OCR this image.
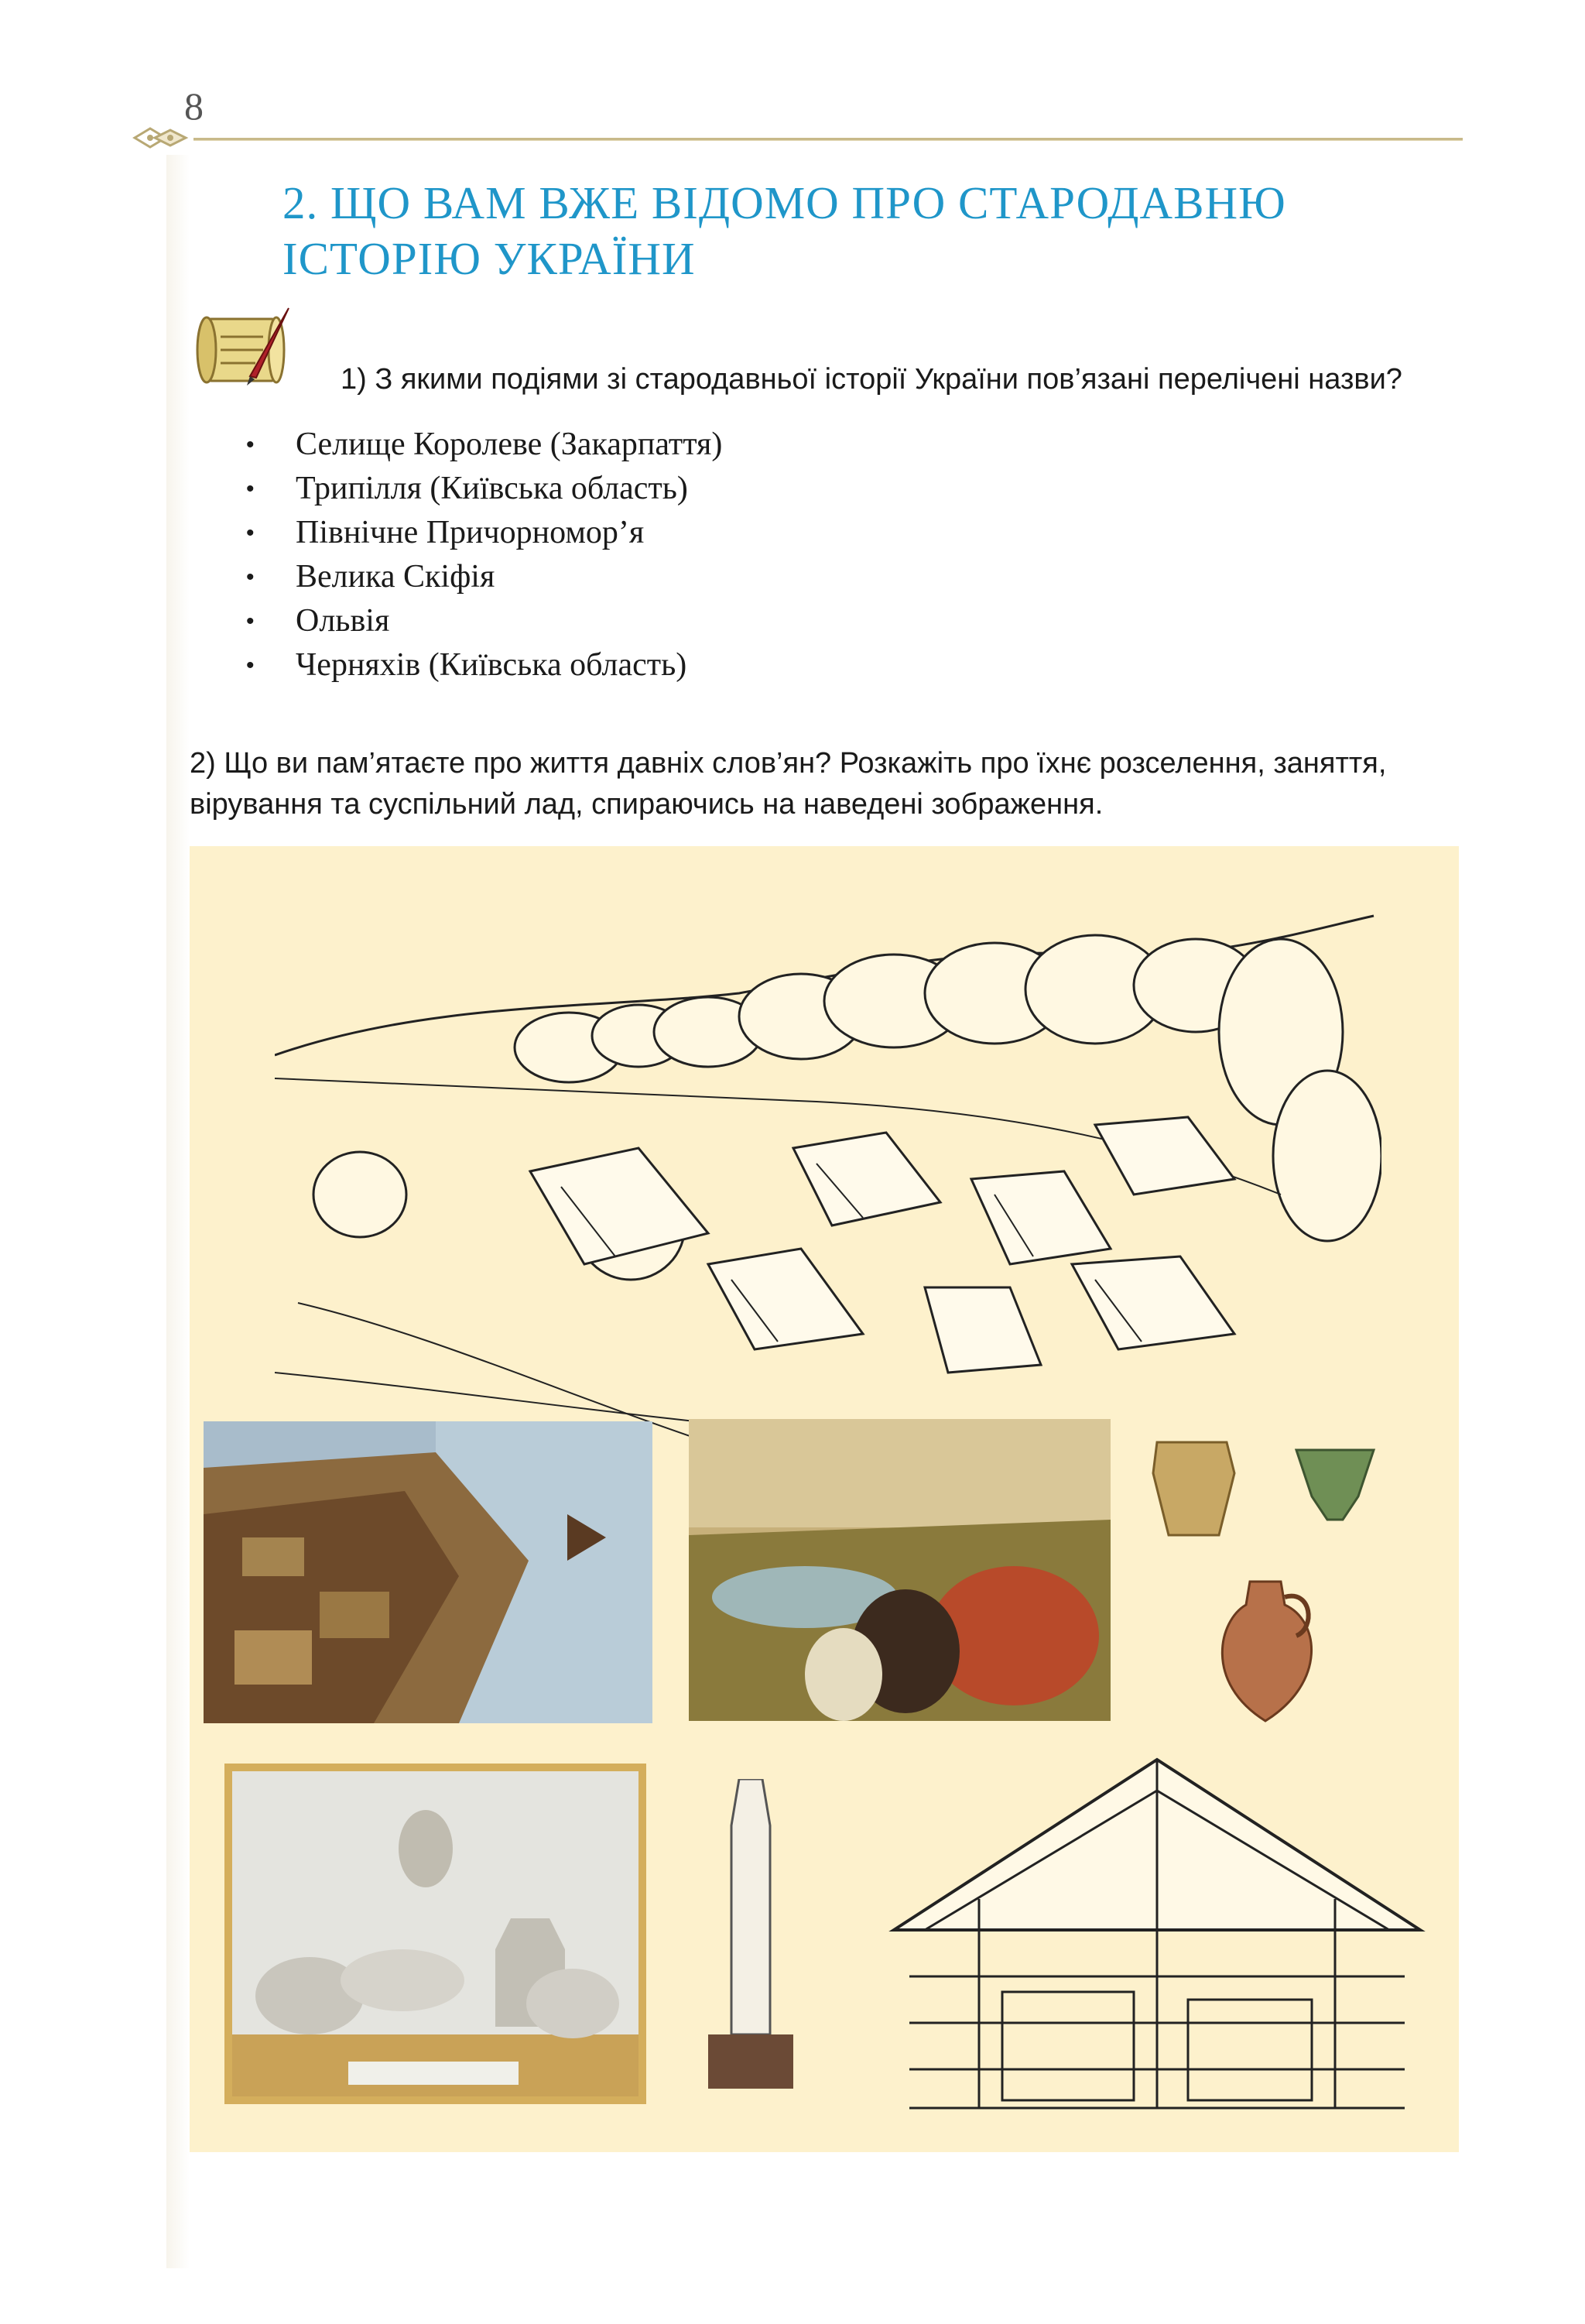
8
2. ЩО ВАМ ВЖЕ ВІДОМО ПРО СТАРОДАВНЮ
ІСТОРІЮ УКРАЇНИ

1) З якими подіями зі стародавньої історії України пов’язані перелічені назви?

• Селище Королеве (Закарпаття)
• Трипілля (Київська область)
• Північне Причорномор’я
• Велика Скіфія
• Ольвія
• Черняхів (Київська область)

2) Що ви пам’ятаєте про життя давніх слов’ян? Розкажіть про їхнє розселення, заняття, вірування та суспільний лад, спираючись на наведені зображення.
